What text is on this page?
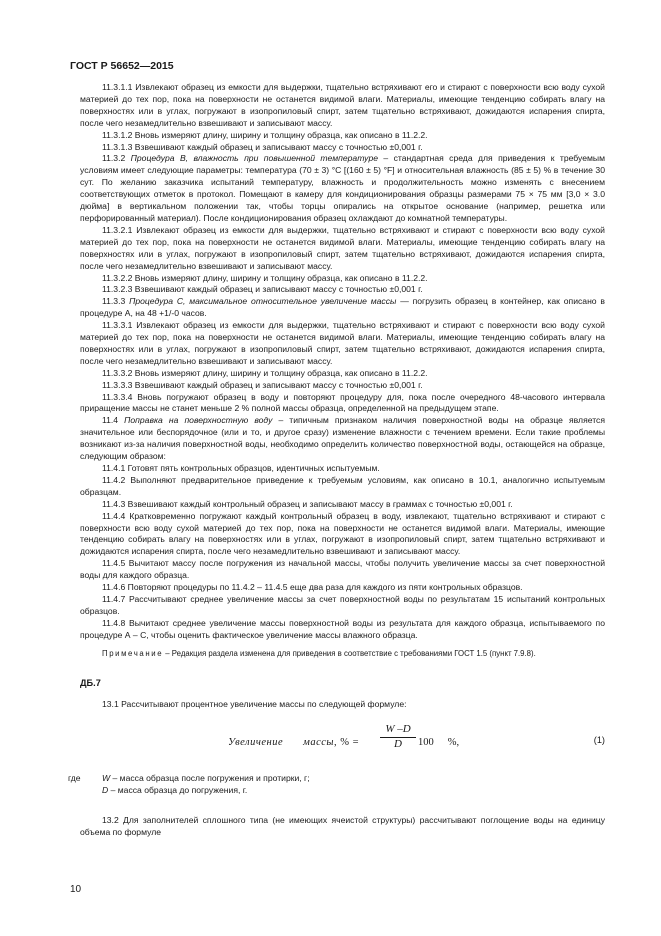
ГОСТ Р 56652—2015

11.3.1.1 Извлекают образец из емкости для выдержки, тщательно встряхивают его и стирают с поверхности всю воду сухой материей до тех пор, пока на поверхности не останется видимой влаги. Материалы, имеющие тенденцию собирать влагу на поверхностях или в углах, погружают в изопропиловый спирт, затем тщательно встряхивают, дожидаются испарения спирта, после чего незамедлительно взвешивают и записывают массу.

11.3.1.2 Вновь измеряют длину, ширину и толщину образца, как описано в 11.2.2.

11.3.1.3 Взвешивают каждый образец и записывают массу с точностью ±0,001 г.

11.3.2 Процедура B, влажность при повышенной температуре – стандартная среда для приведения к требуемым условиям имеет следующие параметры: температура (70 ± 3) °С [(160 ± 5) °F] и относительная влажность (85 ± 5) % в течение 30 сут. По желанию заказчика испытаний температуру, влажность и продолжительность можно изменять с внесением соответствующих отметок в протокол. Помещают в камеру для кондиционирования образцы размерами 75 × 75 мм [3,0 × 3.0 дюйма] в вертикальном положении так, чтобы торцы опирались на открытое основание (например, решетка или перфорированный материал). После кондиционирования образец охлаждают до комнатной температуры.

11.3.2.1 Извлекают образец из емкости для выдержки, тщательно встряхивают и стирают с поверхности всю воду сухой материей до тех пор, пока на поверхности не останется видимой влаги. Материалы, имеющие тенденцию собирать влагу на поверхностях или в углах, погружают в изопропиловый спирт, затем тщательно встряхивают, дожидаются испарения спирта, после чего незамедлительно взвешивают и записывают массу.

11.3.2.2 Вновь измеряют длину, ширину и толщину образца, как описано в 11.2.2.

11.3.2.3 Взвешивают каждый образец и записывают массу с точностью ±0,001 г.

11.3.3 Процедура С, максимальное относительное увеличение массы — погрузить образец в контейнер, как описано в процедуре А, на 48 +1/-0 часов.

11.3.3.1 Извлекают образец из емкости для выдержки, тщательно встряхивают и стирают с поверхности всю воду сухой материей до тех пор, пока на поверхности не останется видимой влаги. Материалы, имеющие тенденцию собирать влагу на поверхностях или в углах, погружают в изопропиловый спирт, затем тщательно встряхивают, дожидаются испарения спирта, после чего незамедлительно взвешивают и записывают массу.

11.3.3.2 Вновь измеряют длину, ширину и толщину образца, как описано в 11.2.2.

11.3.3.3 Взвешивают каждый образец и записывают массу с точностью ±0,001 г.

11.3.3.4 Вновь погружают образец в воду и повторяют процедуру для, пока после очередного 48-часового интервала приращение массы не станет меньше 2 % полной массы образца, определенной на предыдущем этапе.

11.4 Поправка на поверхностную воду – типичным признаком наличия поверхностной воды на образце является значительное или беспорядочное (или и то, и другое сразу) изменение влажности с течением времени. Если такие проблемы возникают из-за наличия поверхностной воды, необходимо определить количество поверхностной воды, остающейся на образце, следующим образом:

11.4.1 Готовят пять контрольных образцов, идентичных испытуемым.

11.4.2 Выполняют предварительное приведение к требуемым условиям, как описано в 10.1, аналогично испытуемым образцам.

11.4.3 Взвешивают каждый контрольный образец и записывают массу в граммах с точностью ±0,001 г.

11.4.4 Кратковременно погружают каждый контрольный образец в воду, извлекают, тщательно встряхивают и стирают с поверхности всю воду сухой материей до тех пор, пока на поверхности не останется видимой влаги. Материалы, имеющие тенденцию собирать влагу на поверхностях или в углах, погружают в изопропиловый спирт, затем тщательно встряхивают и дожидаются испарения спирта, после чего незамедлительно взвешивают и записывают массу.

11.4.5 Вычитают массу после погружения из начальной массы, чтобы получить увеличение массы за счет поверхностной воды для каждого образца.

11.4.6 Повторяют процедуры по 11.4.2 – 11.4.5 еще два раза для каждого из пяти контрольных образцов.

11.4.7 Рассчитывают среднее увеличение массы за счет поверхностной воды по результатам 15 испытаний контрольных образцов.

11.4.8 Вычитают среднее увеличение массы поверхностной воды из результата для каждого образца, испытываемого по процедуре А – С, чтобы оценить фактическое увеличение массы влажного образца.

Примечание – Редакция раздела изменена для приведения в соответствие с требованиями ГОСТ 1.5 (пункт 7.9.8).

ДБ.7

13.1 Рассчитывают процентное увеличение массы по следующей формуле:

Увеличение массы, % = $\frac{W -D}{D} 100$ %,	(1)
где W – масса образца после погружения и протирки, г;
D – масса образца до погружения, г.

13.2 Для заполнителей сплошного типа (не имеющих ячеистой структуры) рассчитывают поглощение воды на единицу объема по формуле

10
